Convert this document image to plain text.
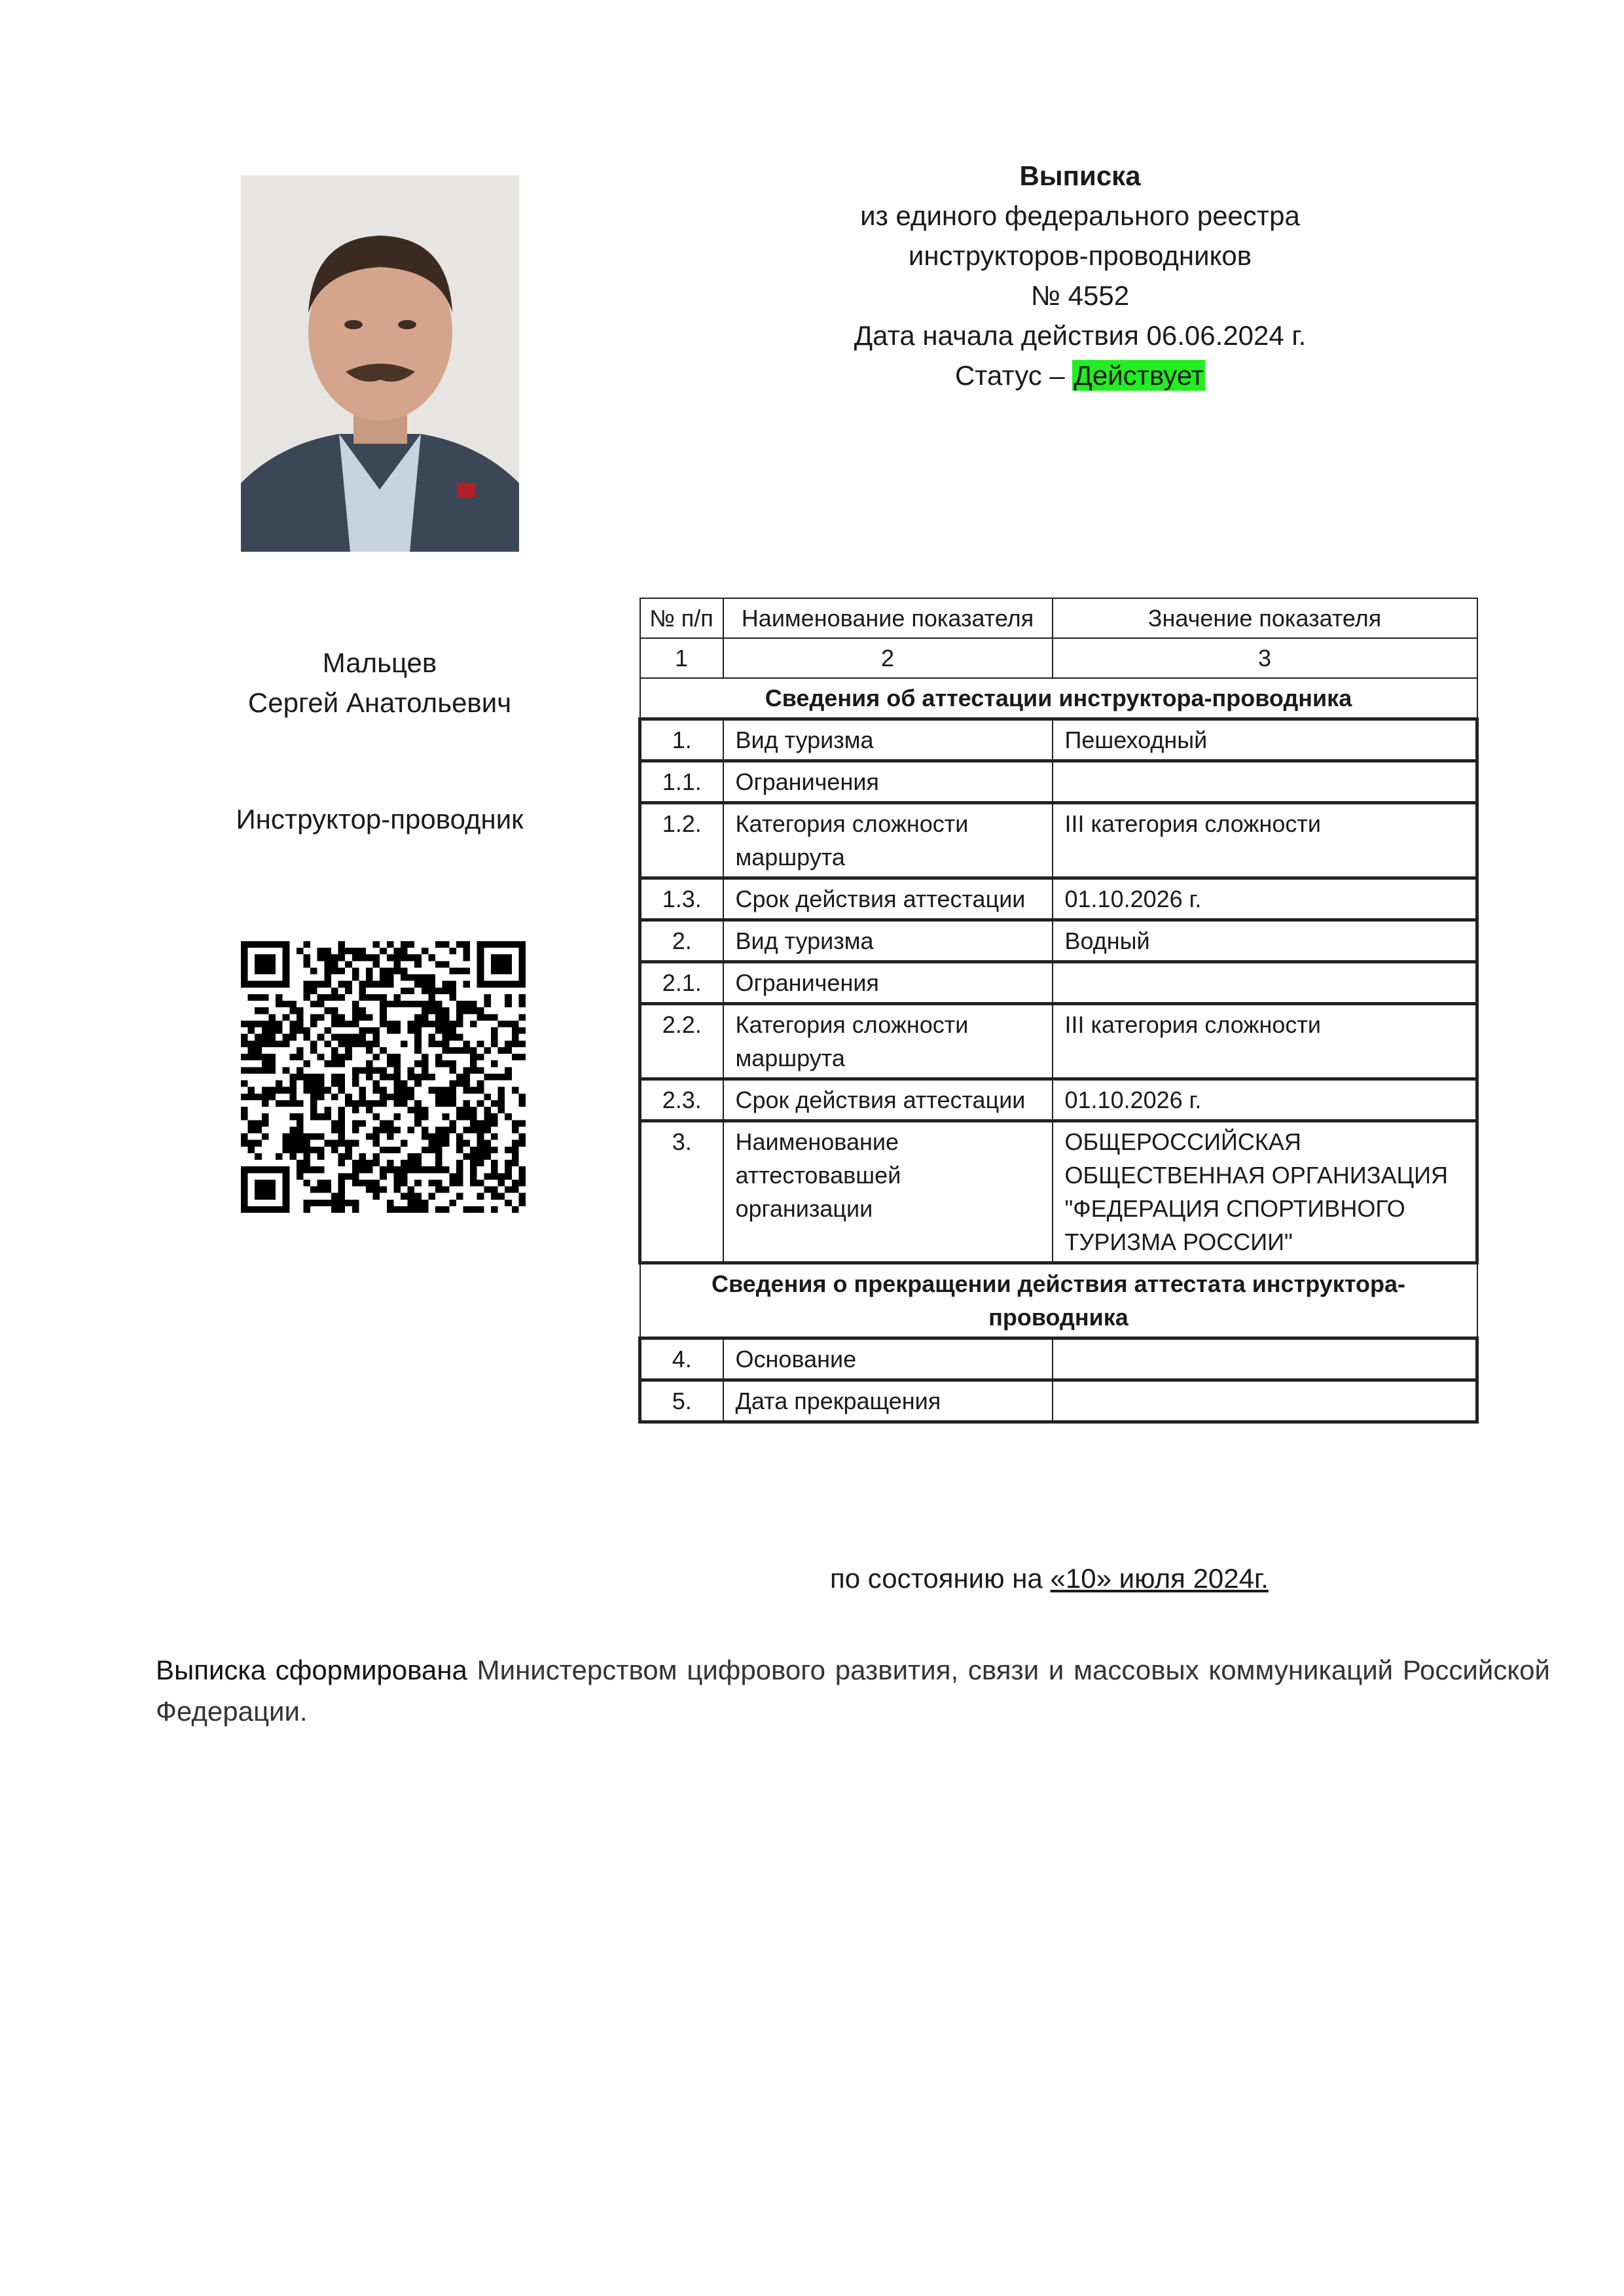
Выписка
из единого федерального реестра
инструкторов-проводников
№ 4552
Дата начала действия 06.06.2024 г.
Статус – Действует
Мальцев
Сергей Анатольевич
Инструктор-проводник
№ п/п	Наименование показателя	Значение показателя
1	2	3
Сведения об аттестации инструктора-проводника		
1.	Вид туризма	Пешеходный
1.1.	Ограничения	
1.2.	Категория сложности маршрута	III категория сложности
1.3.	Срок действия аттестации	01.10.2026 г.
2.	Вид туризма	Водный
2.1.	Ограничения	
2.2.	Категория сложности маршрута	III категория сложности
2.3.	Срок действия аттестации	01.10.2026 г.
3.	Наименование аттестовавшей организации	ОБЩЕРОССИЙСКАЯ ОБЩЕСТВЕННАЯ ОРГАНИЗАЦИЯ "ФЕДЕРАЦИЯ СПОРТИВНОГО ТУРИЗМА РОССИИ"
Сведения о прекращении действия аттестата инструктора-проводника		
4.	Основание	
5.	Дата прекращения	
по состоянию на «10» июля 2024г.
Выписка сформирована Министерством цифрового развития, связи и массовых коммуникаций Российской Федерации.
